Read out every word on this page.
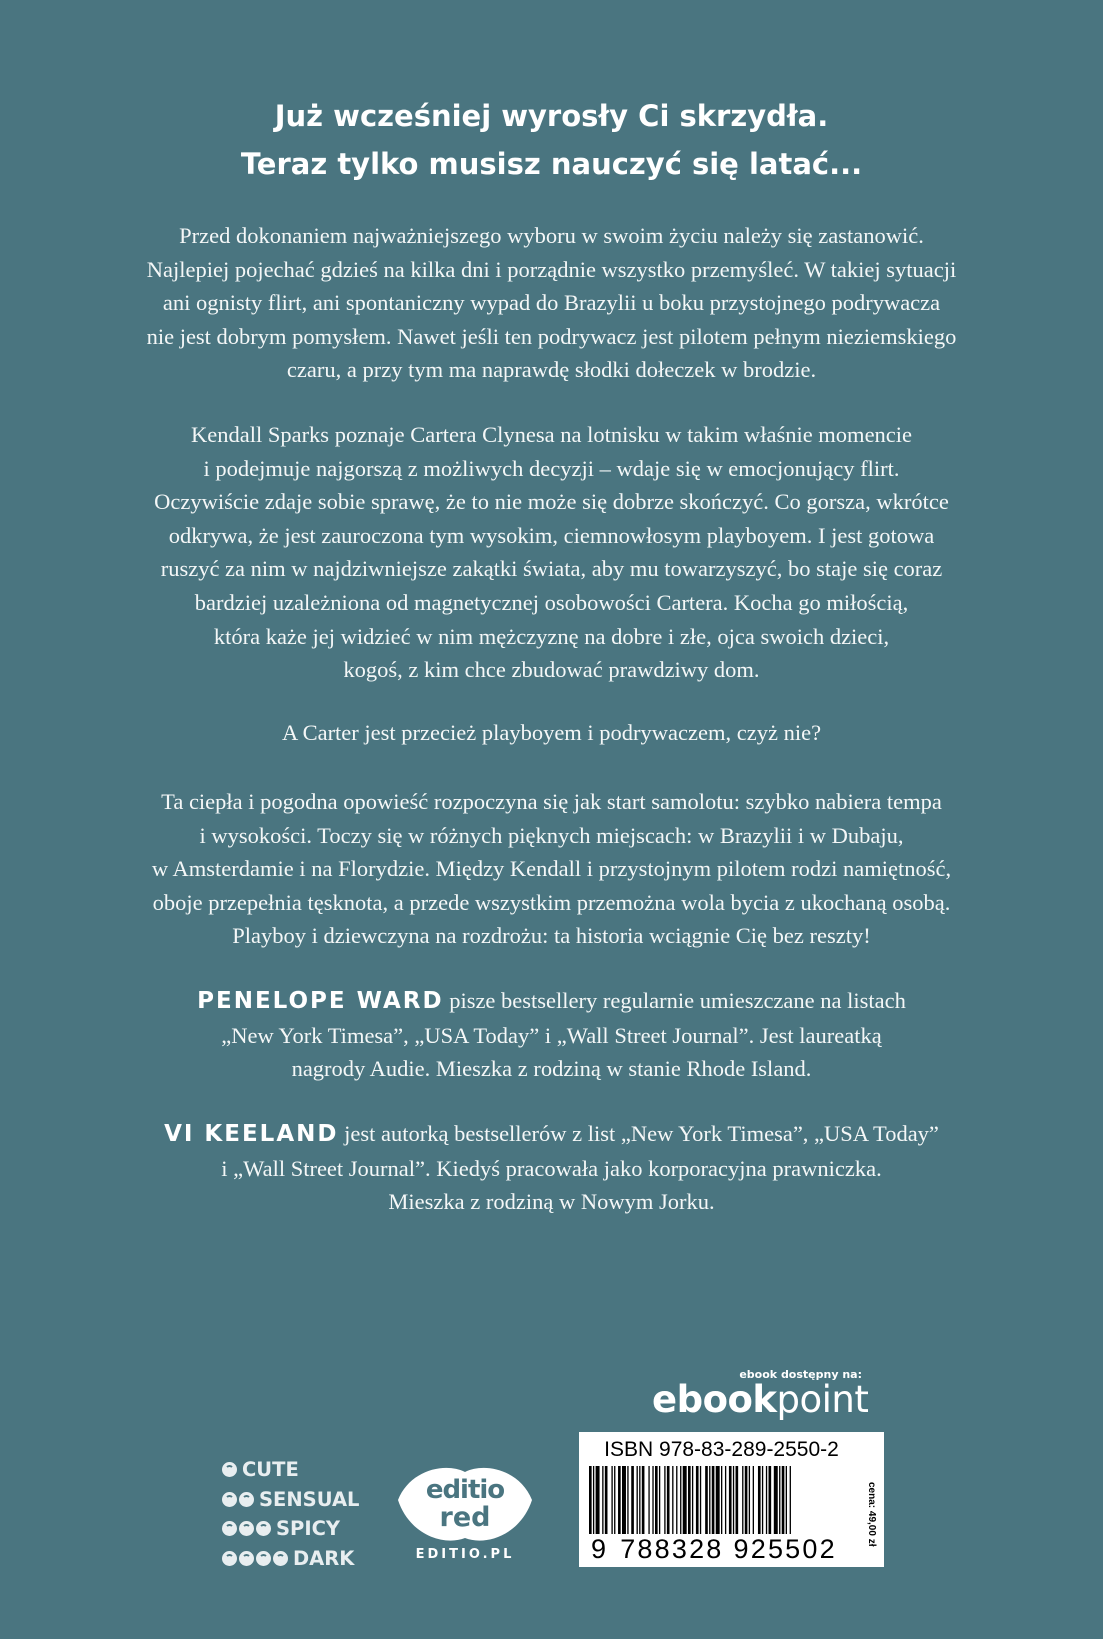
Już wcześniej wyrosły Ci skrzydła.
Teraz tylko musisz nauczyć się latać...
Przed dokonaniem najważniejszego wyboru w swoim życiu należy się zastanowić.
Najlepiej pojechać gdzieś na kilka dni i porządnie wszystko przemyśleć. W takiej sytuacji
ani ognisty flirt, ani spontaniczny wypad do Brazylii u boku przystojnego podrywacza
nie jest dobrym pomysłem. Nawet jeśli ten podrywacz jest pilotem pełnym nieziemskiego
czaru, a przy tym ma naprawdę słodki dołeczek w brodzie.
Kendall Sparks poznaje Cartera Clynesa na lotnisku w takim właśnie momencie
i podejmuje najgorszą z możliwych decyzji – wdaje się w emocjonujący flirt.
Oczywiście zdaje sobie sprawę, że to nie może się dobrze skończyć. Co gorsza, wkrótce
odkrywa, że jest zauroczona tym wysokim, ciemnowłosym playboyem. I jest gotowa
ruszyć za nim w najdziwniejsze zakątki świata, aby mu towarzyszyć, bo staje się coraz
bardziej uzależniona od magnetycznej osobowości Cartera. Kocha go miłością,
która każe jej widzieć w nim mężczyznę na dobre i złe, ojca swoich dzieci,
kogoś, z kim chce zbudować prawdziwy dom.
A Carter jest przecież playboyem i podrywaczem, czyż nie?
Ta ciepła i pogodna opowieść rozpoczyna się jak start samolotu: szybko nabiera tempa
i wysokości. Toczy się w różnych pięknych miejscach: w Brazylii i w Dubaju,
w Amsterdamie i na Florydzie. Między Kendall i przystojnym pilotem rodzi namiętność,
oboje przepełnia tęsknota, a przede wszystkim przemożna wola bycia z ukochaną osobą.
Playboy i dziewczyna na rozdrożu: ta historia wciągnie Cię bez reszty!
PENELOPE WARD pisze bestsellery regularnie umieszczane na listach
„New York Timesa”, „USA Today” i „Wall Street Journal”. Jest laureatką
nagrody Audie. Mieszka z rodziną w stanie Rhode Island.
VI KEELAND jest autorką bestsellerów z list „New York Timesa”, „USA Today”
i „Wall Street Journal”. Kiedyś pracowała jako korporacyjna prawniczka.
Mieszka z rodziną w Nowym Jorku.
CUTE
SENSUAL
SPICY
DARK
editio
red
EDITIO.PL
ebook dostępny na:
ebookpoint
ISBN 978-83-289-2550-2
9 788328 925502
cena: 49,00 zł
